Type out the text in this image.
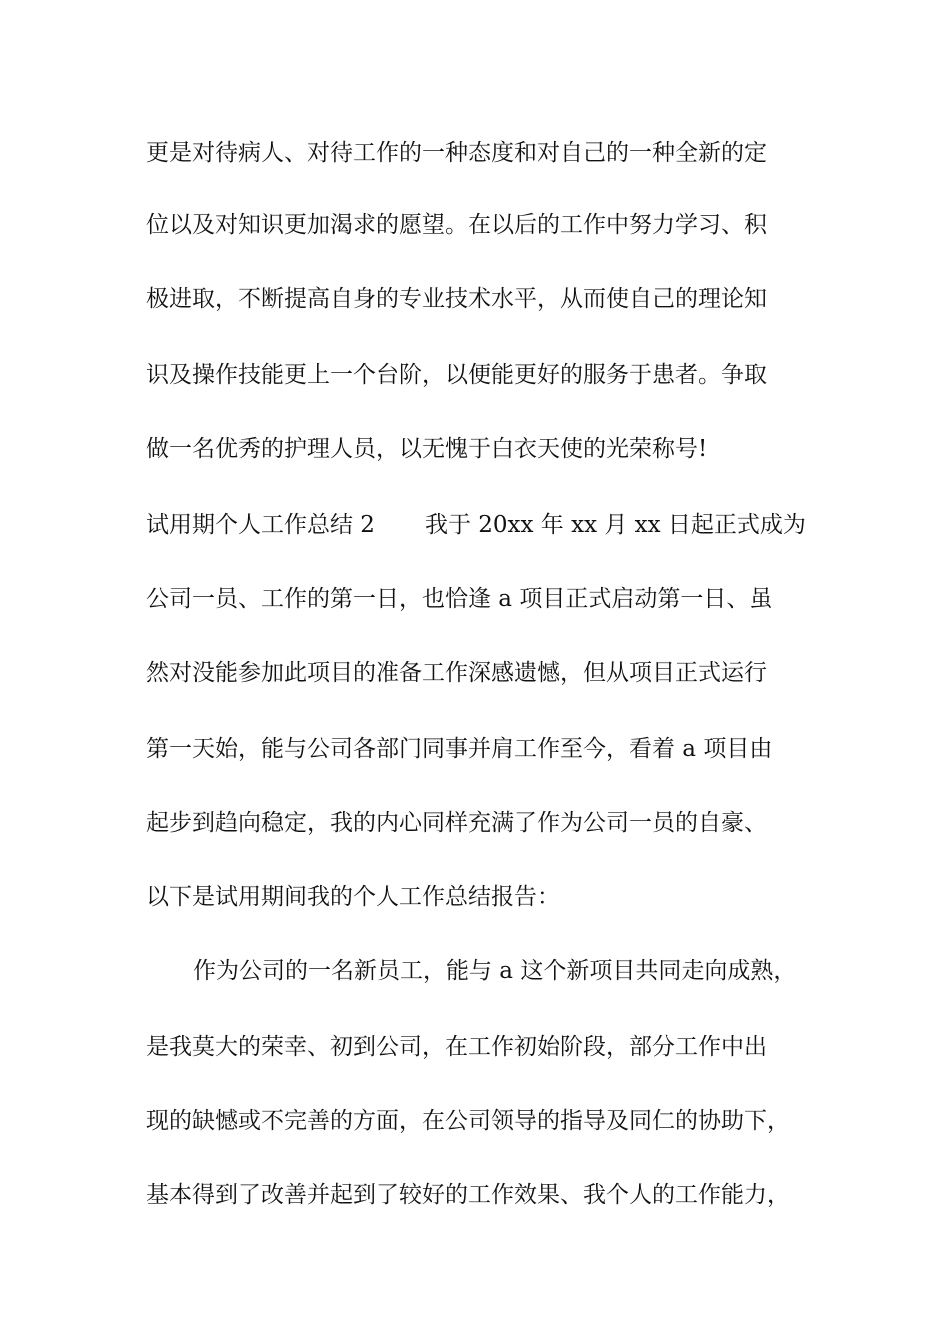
更是对待病人、对待工作的一种态度和对自己的一种全新的定
位以及对知识更加渴求的愿望。在以后的工作中努力学习、积
极进取，不断提高自身的专业技术水平，从而使自己的理论知
识及操作技能更上一个台阶，以便能更好的服务于患者。争取
做一名优秀的护理人员，以无愧于白衣天使的光荣称号!
试用期个人工作总结 2 我于 20xx 年 xx 月 xx 日起正式成为
公司一员、工作的第一日，也恰逢 a 项目正式启动第一日、虽
然对没能参加此项目的准备工作深感遗憾，但从项目正式运行
第一天始，能与公司各部门同事并肩工作至今，看着 a 项目由
起步到趋向稳定，我的内心同样充满了作为公司一员的自豪、
以下是试用期间我的个人工作总结报告：
作为公司的一名新员工，能与 a 这个新项目共同走向成熟，
是我莫大的荣幸、初到公司，在工作初始阶段，部分工作中出
现的缺憾或不完善的方面，在公司领导的指导及同仁的协助下，
基本得到了改善并起到了较好的工作效果、我个人的工作能力，
